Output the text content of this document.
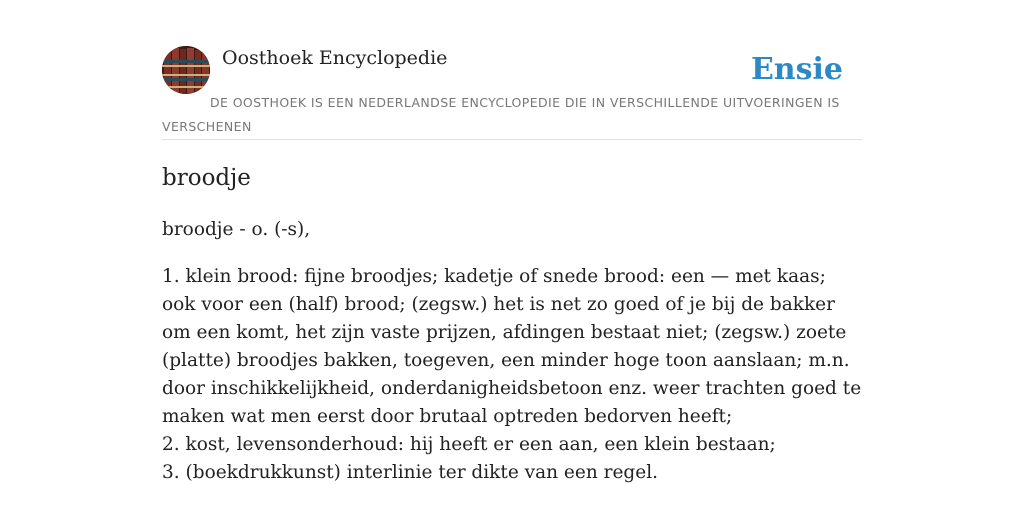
Oosthoek Encyclopedie	Ensie
DE OOSTHOEK IS EEN NEDERLANDSE ENCYCLOPEDIE DIE IN VERSCHILLENDE UITVOERINGEN IS VERSCHENEN
broodje

broodje - o. (-s),

1. klein brood: fijne broodjes; kadetje of snede brood: een — met kaas; ook voor een (half) brood; (zegsw.) het is net zo goed of je bij de bakker om een komt, het zijn vaste prijzen, afdingen bestaat niet; (zegsw.) zoete (platte) broodjes bakken, toegeven, een minder hoge toon aanslaan; m.n. door inschikkelijkheid, onderdanigheidsbetoon enz. weer trachten goed te maken wat men eerst door brutaal optreden bedorven heeft;
2. kost, levensonderhoud: hij heeft er een aan, een klein bestaan;
3. (boekdrukkunst) interlinie ter dikte van een regel.
